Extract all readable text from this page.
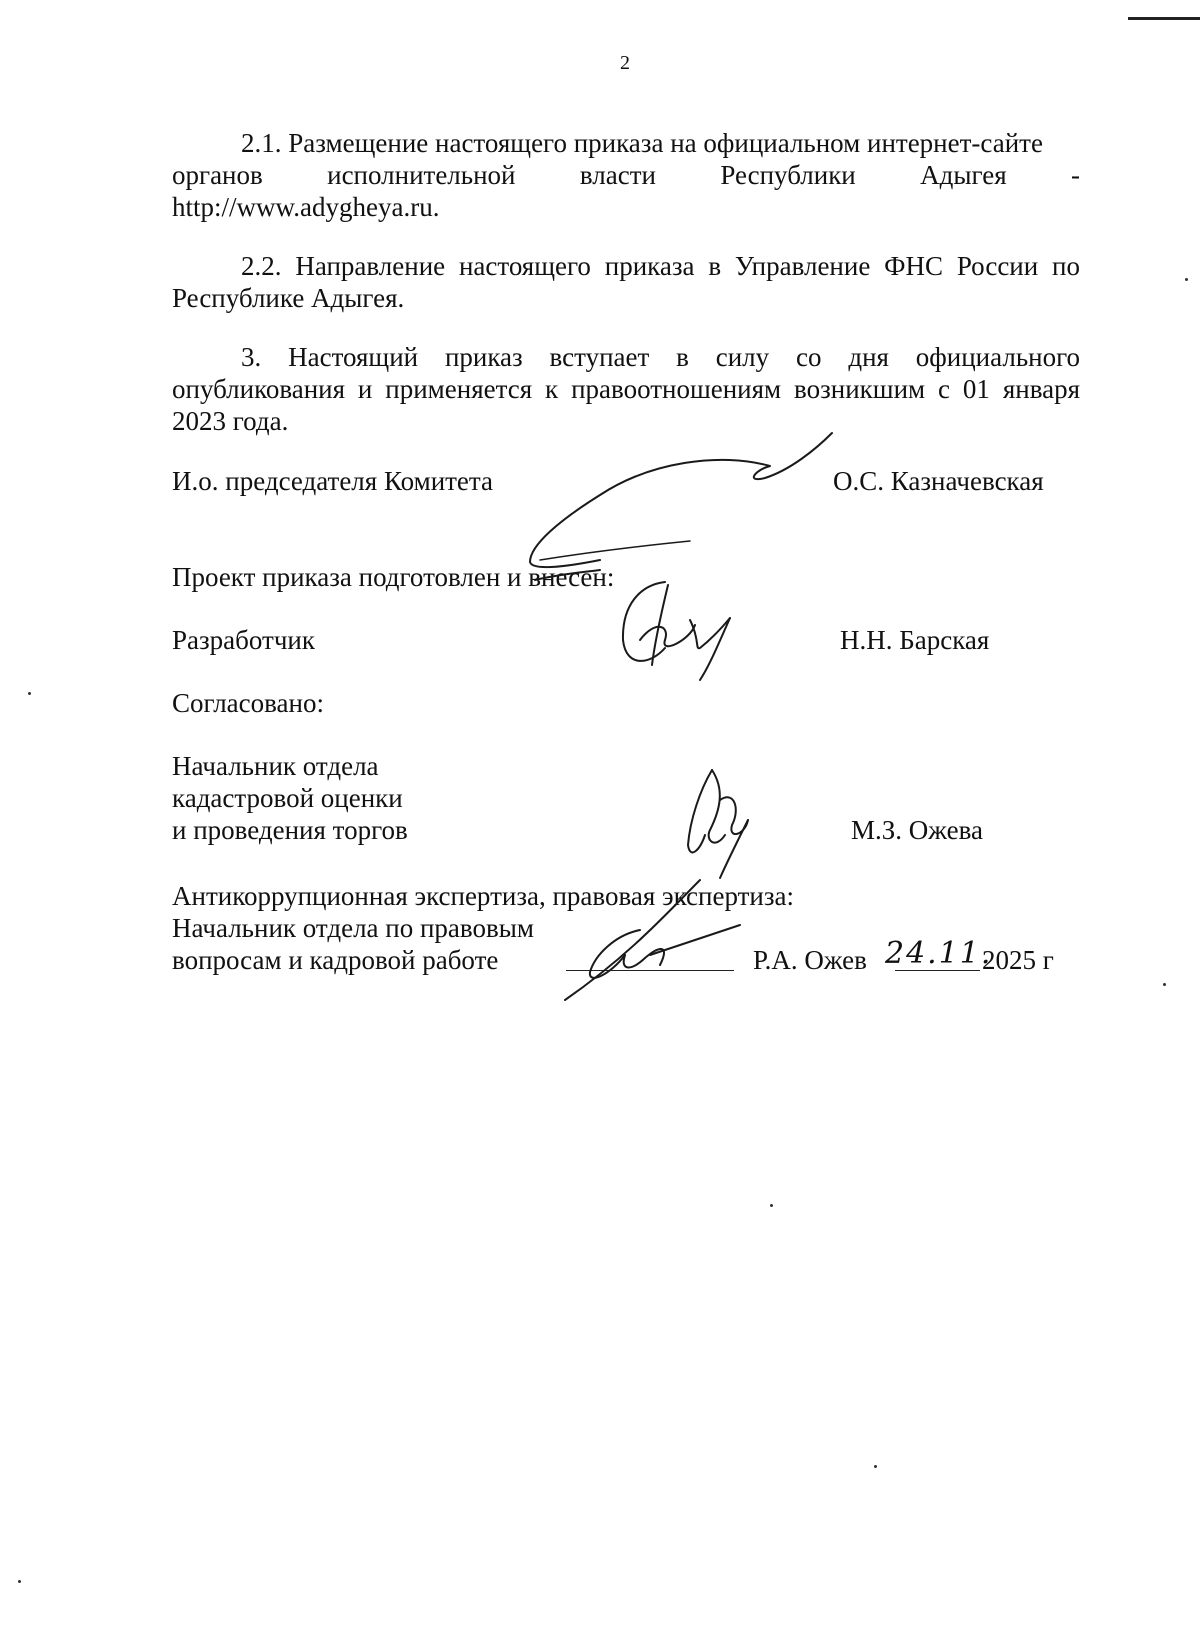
2
2.1. Размещение настоящего приказа на официальном интернет-сайте
органов исполнительной власти Республики Адыгея -
http://www.adygheya.ru.
2.2. Направление настоящего приказа в Управление ФНС России по Республике Адыгея.
3. Настоящий приказ вступает в силу со дня официального опубликования и применяется к правоотношениям возникшим с 01 января 2023 года.
И.о. председателя Комитета	О.С. Казначевская
Проект приказа подготовлен и внесен:
Разработчик	Н.Н. Барская
Согласовано:
Начальник отдела
кадастровой оценки
и проведения торгов	М.З. Ожева
Антикоррупционная экспертиза, правовая экспертиза:
Начальник отдела по правовым
вопросам и кадровой работе	Р.А. Ожев 24.11.
2025 г
